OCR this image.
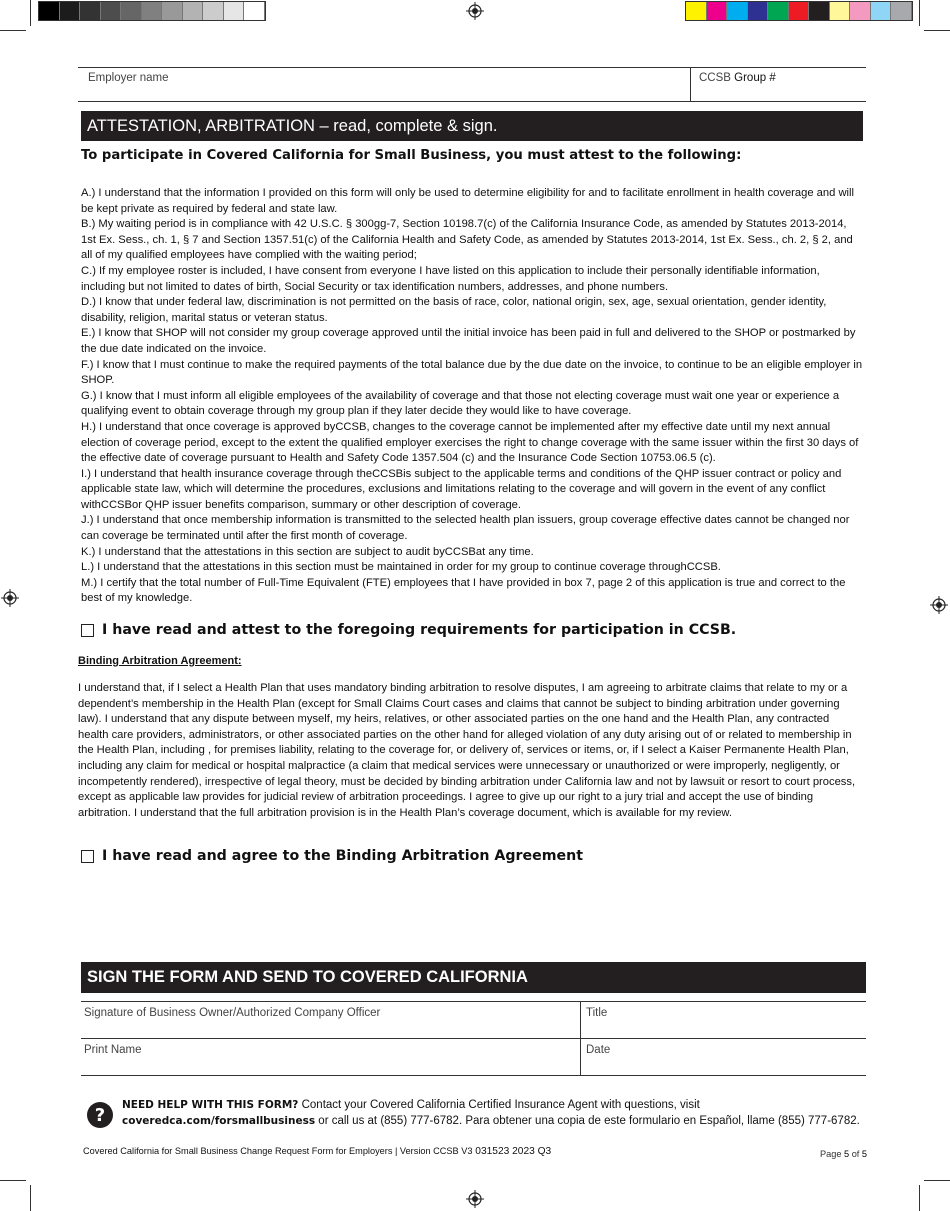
Employer name	CCSB Group #
ATTESTATION, ARBITRATION – read, complete & sign.
To participate in Covered California for Small Business, you must attest to the following:

A.) I understand that the information I provided on this form will only be used to determine eligibility for and to facilitate enrollment in health coverage and will be kept private as required by federal and state law.

B.) My waiting period is in compliance with 42 U.S.C. § 300gg-7, Section 10198.7(c) of the California Insurance Code, as amended by Statutes 2013-2014, 1st Ex. Sess., ch. 1, § 7 and Section 1357.51(c) of the California Health and Safety Code, as amended by Statutes 2013-2014, 1st Ex. Sess., ch. 2, § 2, and all of my qualified employees have complied with the waiting period;

C.) If my employee roster is included, I have consent from everyone I have listed on this application to include their personally identifiable information, including but not limited to dates of birth, Social Security or tax identification numbers, addresses, and phone numbers.

D.) I know that under federal law, discrimination is not permitted on the basis of race, color, national origin, sex, age, sexual orientation, gender identity, disability, religion, marital status or veteran status.

E.) I know that SHOP will not consider my group coverage approved until the initial invoice has been paid in full and delivered to the SHOP or postmarked by the due date indicated on the invoice.

F.) I know that I must continue to make the required payments of the total balance due by the due date on the invoice, to continue to be an eligible employer in SHOP.

G.) I know that I must inform all eligible employees of the availability of coverage and that those not electing coverage must wait one year or experience a qualifying event to obtain coverage through my group plan if they later decide they would like to have coverage.

H.) I understand that once coverage is approved byCCSB, changes to the coverage cannot be implemented after my effective date until my next annual election of coverage period, except to the extent the qualified employer exercises the right to change coverage with the same issuer within the first 30 days of the effective date of coverage pursuant to Health and Safety Code 1357.504 (c) and the Insurance Code Section 10753.06.5 (c).

I.) I understand that health insurance coverage through theCCSBis subject to the applicable terms and conditions of the QHP issuer contract or policy and applicable state law, which will determine the procedures, exclusions and limitations relating to the coverage and will govern in the event of any conflict withCCSBor QHP issuer benefits comparison, summary or other description of coverage.

J.) I understand that once membership information is transmitted to the selected health plan issuers, group coverage effective dates cannot be changed nor can coverage be terminated until after the first month of coverage.

K.) I understand that the attestations in this section are subject to audit byCCSBat any time.

L.) I understand that the attestations in this section must be maintained in order for my group to continue coverage throughCCSB.

M.) I certify that the total number of Full-Time Equivalent (FTE) employees that I have provided in box 7, page 2 of this application is true and correct to the best of my knowledge.

I have read and attest to the foregoing requirements for participation in CCSB.
Binding Arbitration Agreement:

I understand that, if I select a Health Plan that uses mandatory binding arbitration to resolve disputes, I am agreeing to arbitrate claims that relate to my or a dependent’s membership in the Health Plan (except for Small Claims Court cases and claims that cannot be subject to binding arbitration under governing law). I understand that any dispute between myself, my heirs, relatives, or other associated parties on the one hand and the Health Plan, any contracted health care providers, administrators, or other associated parties on the other hand for alleged violation of any duty arising out of or related to membership in the Health Plan, including , for premises liability, relating to the coverage for, or delivery of, services or items, or, if I select a Kaiser Permanente Health Plan, including any claim for medical or hospital malpractice (a claim that medical services were unnecessary or unauthorized or were improperly, negligently, or incompetently rendered), irrespective of legal theory, must be decided by binding arbitration under California law and not by lawsuit or resort to court process, except as applicable law provides for judicial review of arbitration proceedings. I agree to give up our right to a jury trial and accept the use of binding arbitration. I understand that the full arbitration provision is in the Health Plan’s coverage document, which is available for my review.

I have read and agree to the Binding Arbitration Agreement
SIGN THE FORM AND SEND TO COVERED CALIFORNIA
Signature of Business Owner/Authorized Company Officer	Title
Print Name	Date
?	NEED HELP WITH THIS FORM? Contact your Covered California Certified Insurance Agent with questions, visit
coveredca.com/forsmallbusiness or call us at (855) 777-6782. Para obtener una copia de este formulario en Español, llame (855) 777-6782.

Covered California for Small Business Change Request Form for Employers | Version CCSB V3 031523 2023 Q3	Page 5 of 5
